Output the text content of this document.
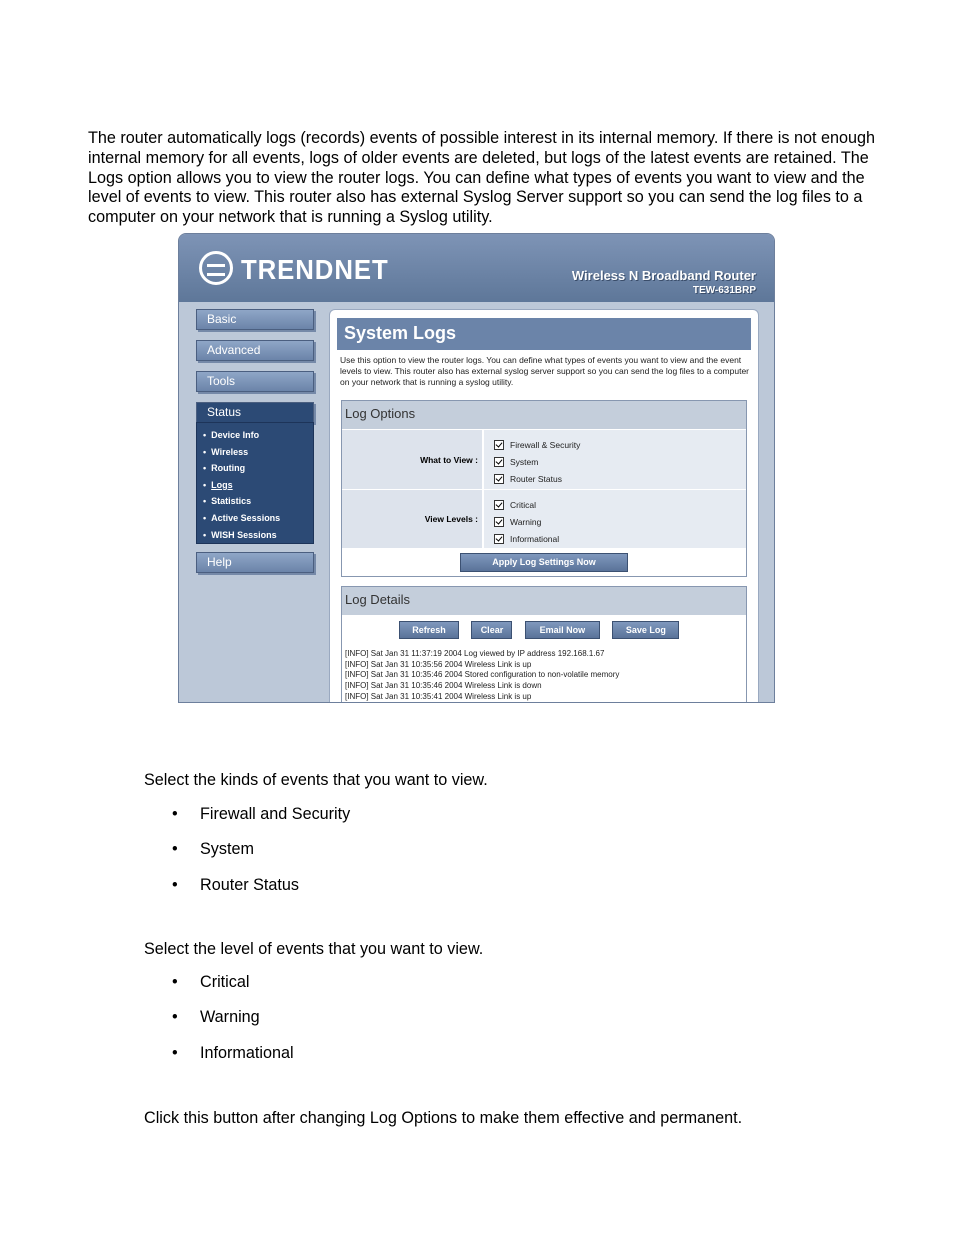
The router automatically logs (records) events of possible interest in its internal memory. If there is not enough internal memory for all events, logs of older events are deleted, but logs of the latest events are retained. The Logs option allows you to view the router logs. You can define what types of events you want to view and the level of events to view. This router also has external Syslog Server support so you can send the log files to a computer on your network that is running a Syslog utility.

TRENDNET	Wireless N Broadband Router
TEW-631BRP
Basic
Advanced
Tools
Status
• Device Info
• Wireless
• Routing
• Logs
• Statistics
• Active Sessions
• WISH Sessions
Help
System Logs

Use this option to view the router logs. You can define what types of events you want to view and the event levels to view. This router also has external syslog server support so you can send the log files to a computer on your network that is running a syslog utility.

Log Options
What to View :
Firewall & Security
System
Router Status
View Levels :
Critical
Warning
Informational
Apply Log Settings Now
Log Details
Refresh	Clear	Email Now	Save Log
[INFO] Sat Jan 31 11:37:19 2004 Log viewed by IP address 192.168.1.67
[INFO] Sat Jan 31 10:35:56 2004 Wireless Link is up
[INFO] Sat Jan 31 10:35:46 2004 Stored configuration to non-volatile memory
[INFO] Sat Jan 31 10:35:46 2004 Wireless Link is down
[INFO] Sat Jan 31 10:35:41 2004 Wireless Link is up

Select the kinds of events that you want to view.

• Firewall and Security
• System
• Router Status

Select the level of events that you want to view.

• Critical
• Warning
• Informational

Click this button after changing Log Options to make them effective and permanent.
